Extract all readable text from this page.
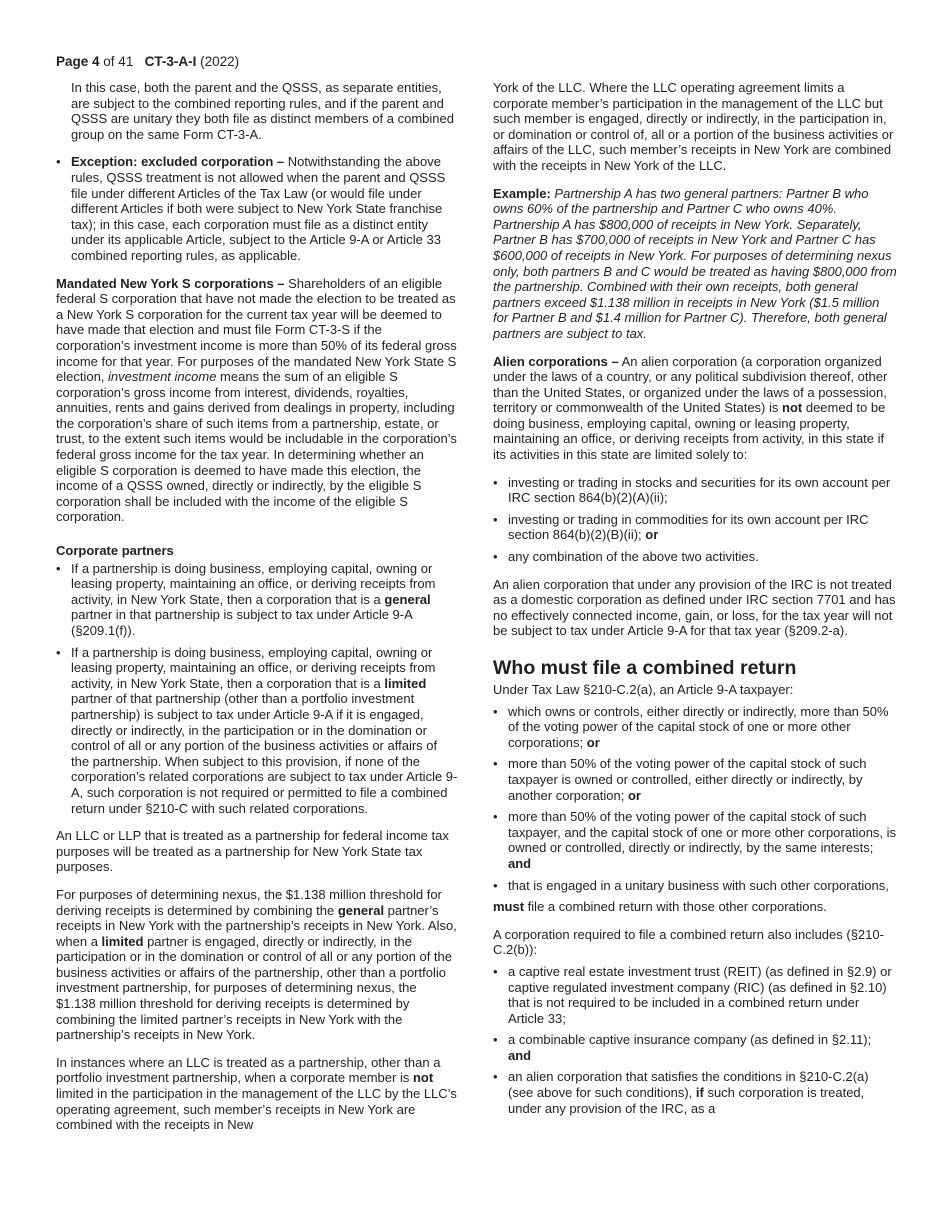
Page 4 of 41 CT-3-A-I (2022)

In this case, both the parent and the QSSS, as separate entities, are subject to the combined reporting rules, and if the parent and QSSS are unitary they both file as distinct members of a combined group on the same Form CT-3-A.

• Exception: excluded corporation – Notwithstanding the above rules, QSSS treatment is not allowed when the parent and QSSS file under different Articles of the Tax Law (or would file under different Articles if both were subject to New York State franchise tax); in this case, each corporation must file as a distinct entity under its applicable Article, subject to the Article 9-A or Article 33 combined reporting rules, as applicable.

Mandated New York S corporations – Shareholders of an eligible federal S corporation that have not made the election to be treated as a New York S corporation for the current tax year will be deemed to have made that election and must file Form CT-3-S if the corporation’s investment income is more than 50% of its federal gross income for that year. For purposes of the mandated New York State S election, investment income means the sum of an eligible S corporation’s gross income from interest, dividends, royalties, annuities, rents and gains derived from dealings in property, including the corporation’s share of such items from a partnership, estate, or trust, to the extent such items would be includable in the corporation’s federal gross income for the tax year. In determining whether an eligible S corporation is deemed to have made this election, the income of a QSSS owned, directly or indirectly, by the eligible S corporation shall be included with the income of the eligible S corporation.

Corporate partners
• If a partnership is doing business, employing capital, owning or leasing property, maintaining an office, or deriving receipts from activity, in New York State, then a corporation that is a general partner in that partnership is subject to tax under Article 9-A (§209.1(f)).
• If a partnership is doing business, employing capital, owning or leasing property, maintaining an office, or deriving receipts from activity, in New York State, then a corporation that is a limited partner of that partnership (other than a portfolio investment partnership) is subject to tax under Article 9-A if it is engaged, directly or indirectly, in the participation or in the domination or control of all or any portion of the business activities or affairs of the partnership. When subject to this provision, if none of the corporation’s related corporations are subject to tax under Article 9-A, such corporation is not required or permitted to file a combined return under §210-C with such related corporations.

An LLC or LLP that is treated as a partnership for federal income tax purposes will be treated as a partnership for New York State tax purposes.

For purposes of determining nexus, the $1.138 million threshold for deriving receipts is determined by combining the general partner’s receipts in New York with the partnership’s receipts in New York. Also, when a limited partner is engaged, directly or indirectly, in the participation or in the domination or control of all or any portion of the business activities or affairs of the partnership, other than a portfolio investment partnership, for purposes of determining nexus, the $1.138 million threshold for deriving receipts is determined by combining the limited partner’s receipts in New York with the partnership’s receipts in New York.

In instances where an LLC is treated as a partnership, other than a portfolio investment partnership, when a corporate member is not limited in the participation in the management of the LLC by the LLC’s operating agreement, such member’s receipts in New York are combined with the receipts in New

York of the LLC. Where the LLC operating agreement limits a corporate member’s participation in the management of the LLC but such member is engaged, directly or indirectly, in the participation in, or domination or control of, all or a portion of the business activities or affairs of the LLC, such member’s receipts in New York are combined with the receipts in New York of the LLC.

Example: Partnership A has two general partners: Partner B who owns 60% of the partnership and Partner C who owns 40%. Partnership A has $800,000 of receipts in New York. Separately, Partner B has $700,000 of receipts in New York and Partner C has $600,000 of receipts in New York. For purposes of determining nexus only, both partners B and C would be treated as having $800,000 from the partnership. Combined with their own receipts, both general partners exceed $1.138 million in receipts in New York ($1.5 million for Partner B and $1.4 million for Partner C). Therefore, both general partners are subject to tax.

Alien corporations – An alien corporation (a corporation organized under the laws of a country, or any political subdivision thereof, other than the United States, or organized under the laws of a possession, territory or commonwealth of the United States) is not deemed to be doing business, employing capital, owning or leasing property, maintaining an office, or deriving receipts from activity, in this state if its activities in this state are limited solely to:

• investing or trading in stocks and securities for its own account per IRC section 864(b)(2)(A)(ii);
• investing or trading in commodities for its own account per IRC section 864(b)(2)(B)(ii); or
• any combination of the above two activities.

An alien corporation that under any provision of the IRC is not treated as a domestic corporation as defined under IRC section 7701 and has no effectively connected income, gain, or loss, for the tax year will not be subject to tax under Article 9-A for that tax year (§209.2-a).

Who must file a combined return

Under Tax Law §210-C.2(a), an Article 9-A taxpayer:

• which owns or controls, either directly or indirectly, more than 50% of the voting power of the capital stock of one or more other corporations; or
• more than 50% of the voting power of the capital stock of such taxpayer is owned or controlled, either directly or indirectly, by another corporation; or
• more than 50% of the voting power of the capital stock of such taxpayer, and the capital stock of one or more other corporations, is owned or controlled, directly or indirectly, by the same interests; and
• that is engaged in a unitary business with such other corporations,

must file a combined return with those other corporations.

A corporation required to file a combined return also includes (§210-C.2(b)):

• a captive real estate investment trust (REIT) (as defined in §2.9) or captive regulated investment company (RIC) (as defined in §2.10) that is not required to be included in a combined return under Article 33;
• a combinable captive insurance company (as defined in §2.11); and
• an alien corporation that satisfies the conditions in §210-C.2(a) (see above for such conditions), if such corporation is treated, under any provision of the IRC, as a
